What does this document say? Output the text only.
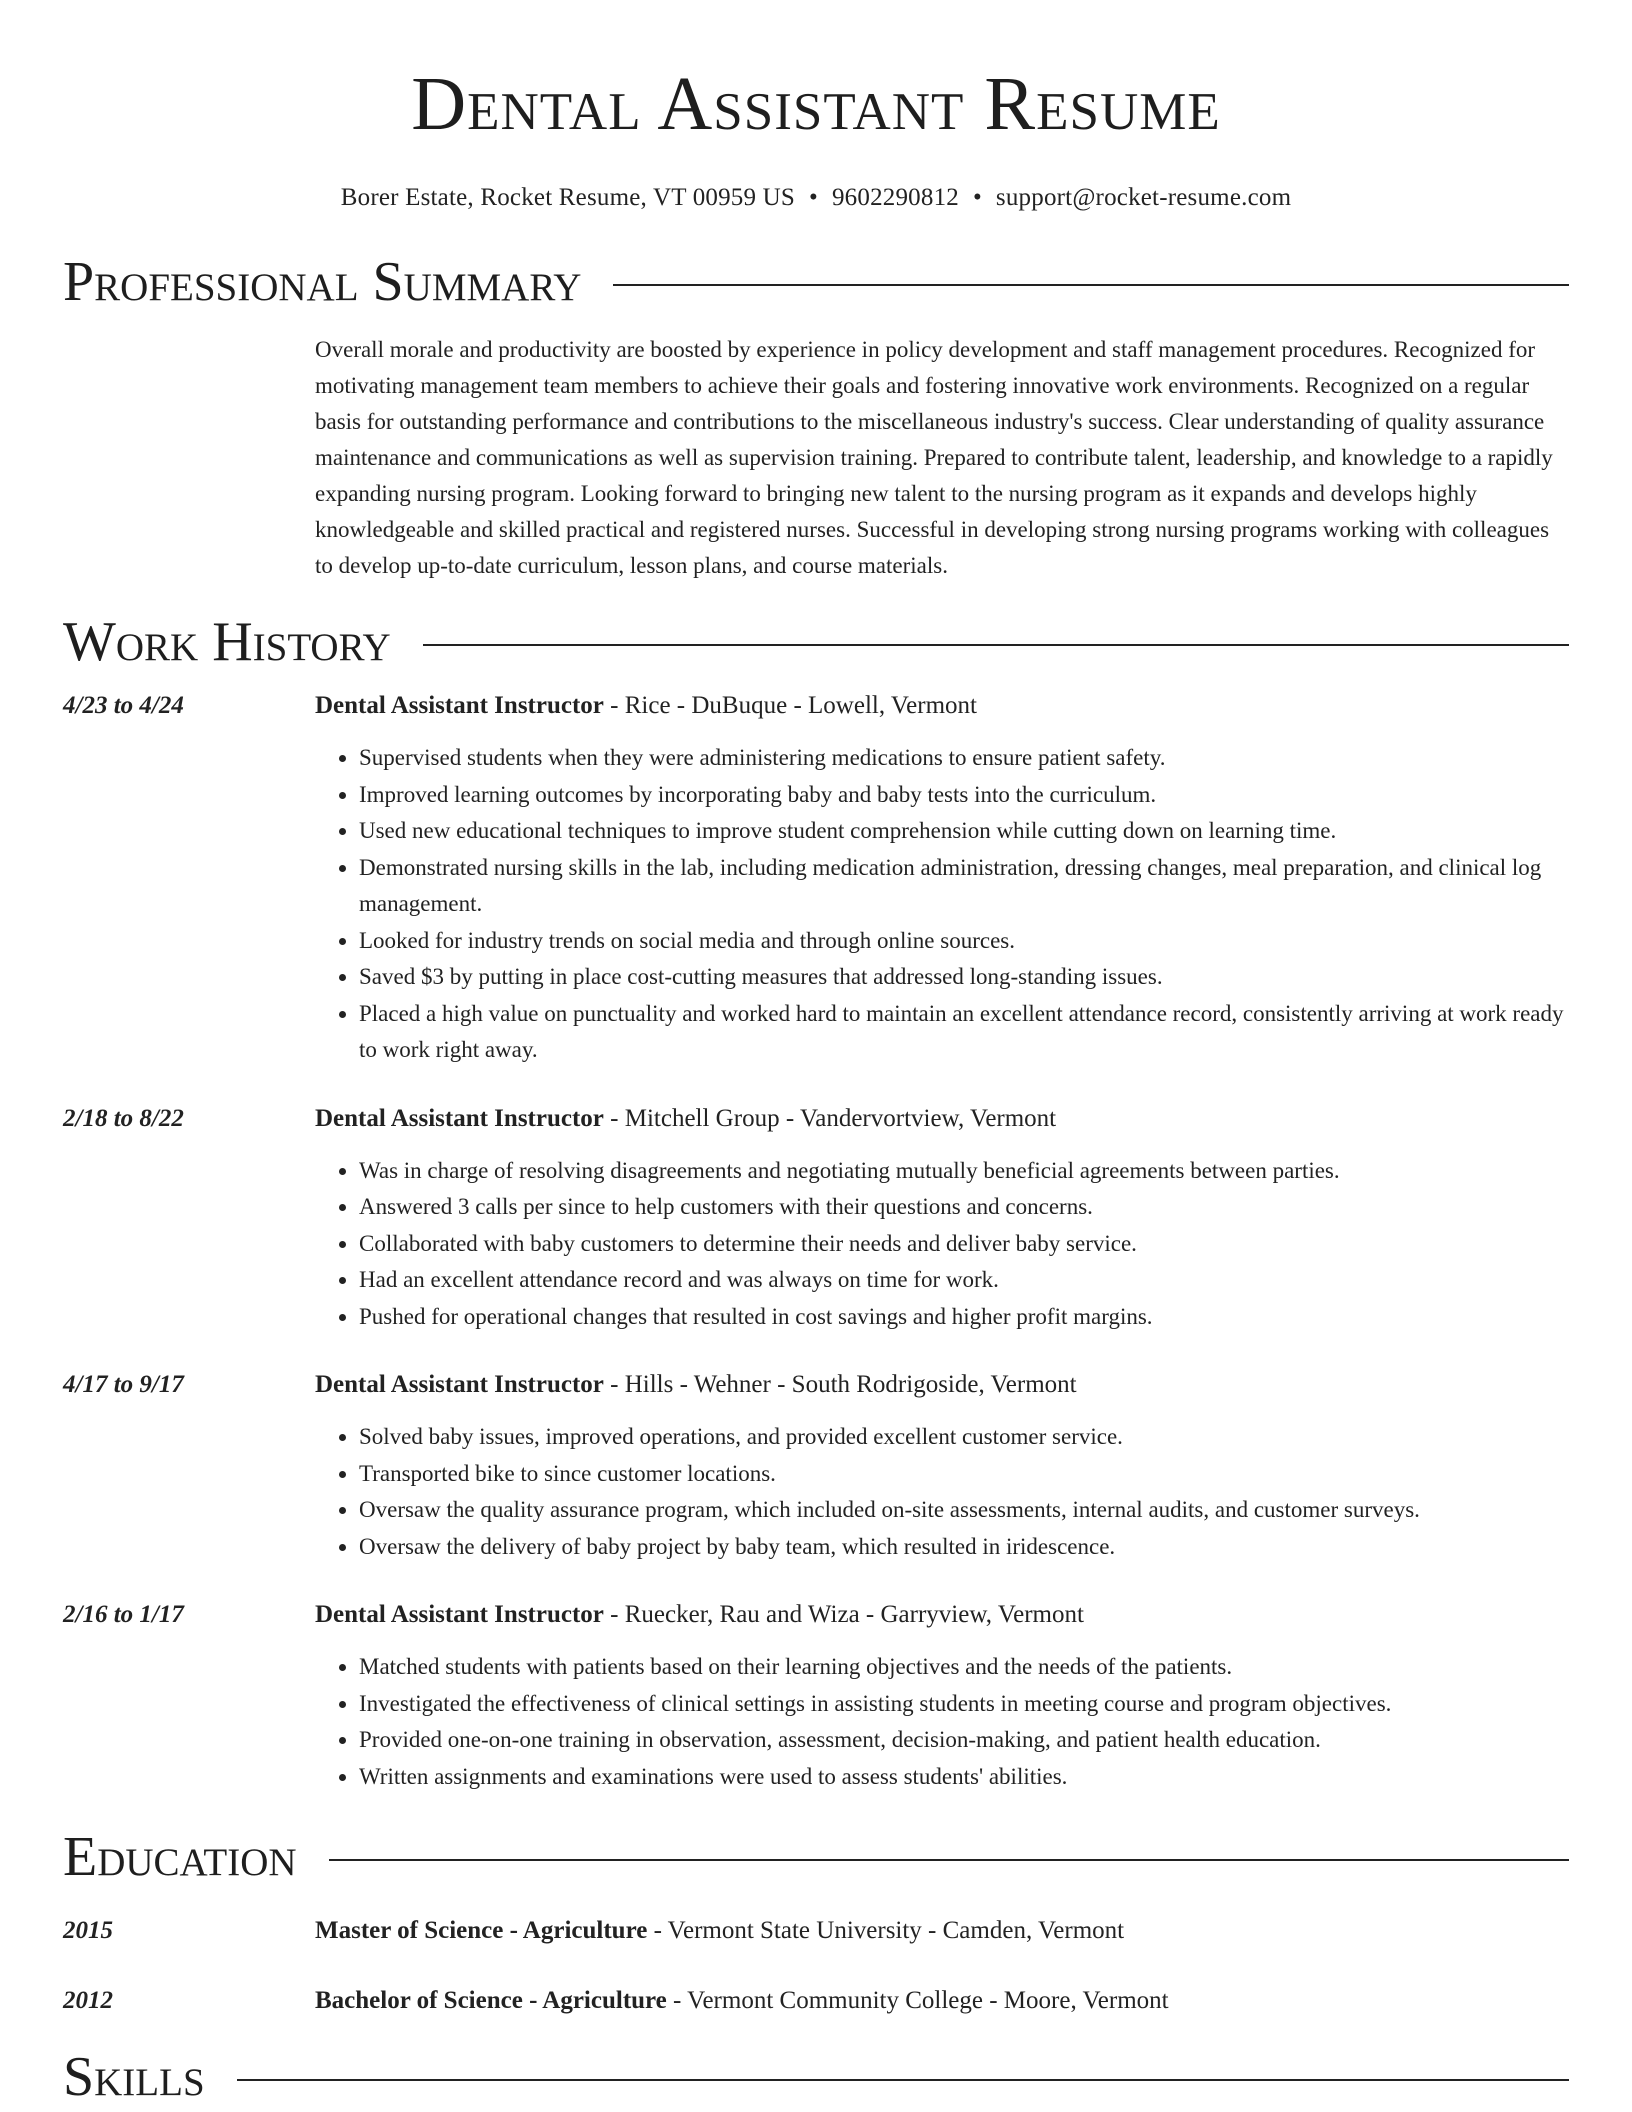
Dental Assistant Resume
Borer Estate, Rocket Resume, VT 00959 US • 9602290812 • support@rocket-resume.com
Professional Summary

Overall morale and productivity are boosted by experience in policy development and staff management procedures. Recognized for motivating management team members to achieve their goals and fostering innovative work environments. Recognized on a regular basis for outstanding performance and contributions to the miscellaneous industry's success. Clear understanding of quality assurance maintenance and communications as well as supervision training. Prepared to contribute talent, leadership, and knowledge to a rapidly expanding nursing program. Looking forward to bringing new talent to the nursing program as it expands and develops highly knowledgeable and skilled practical and registered nurses. Successful in developing strong nursing programs working with colleagues to develop up-to-date curriculum, lesson plans, and course materials.

Work History
4/23 to 4/24	Dental Assistant Instructor - Rice - DuBuque - Lowell, Vermont
• Supervised students when they were administering medications to ensure patient safety.
• Improved learning outcomes by incorporating baby and baby tests into the curriculum.
• Used new educational techniques to improve student comprehension while cutting down on learning time.
• Demonstrated nursing skills in the lab, including medication administration, dressing changes, meal preparation, and clinical log management.
• Looked for industry trends on social media and through online sources.
• Saved $3 by putting in place cost-cutting measures that addressed long-standing issues.
• Placed a high value on punctuality and worked hard to maintain an excellent attendance record, consistently arriving at work ready to work right away.
2/18 to 8/22	Dental Assistant Instructor - Mitchell Group - Vandervortview, Vermont
• Was in charge of resolving disagreements and negotiating mutually beneficial agreements between parties.
• Answered 3 calls per since to help customers with their questions and concerns.
• Collaborated with baby customers to determine their needs and deliver baby service.
• Had an excellent attendance record and was always on time for work.
• Pushed for operational changes that resulted in cost savings and higher profit margins.
4/17 to 9/17	Dental Assistant Instructor - Hills - Wehner - South Rodrigoside, Vermont
• Solved baby issues, improved operations, and provided excellent customer service.
• Transported bike to since customer locations.
• Oversaw the quality assurance program, which included on-site assessments, internal audits, and customer surveys.
• Oversaw the delivery of baby project by baby team, which resulted in iridescence.
2/16 to 1/17	Dental Assistant Instructor - Ruecker, Rau and Wiza - Garryview, Vermont
• Matched students with patients based on their learning objectives and the needs of the patients.
• Investigated the effectiveness of clinical settings in assisting students in meeting course and program objectives.
• Provided one-on-one training in observation, assessment, decision-making, and patient health education.
• Written assignments and examinations were used to assess students' abilities.
Education
2015	Master of Science - Agriculture - Vermont State University - Camden, Vermont
2012	Bachelor of Science - Agriculture - Vermont Community College - Moore, Vermont
Skills
